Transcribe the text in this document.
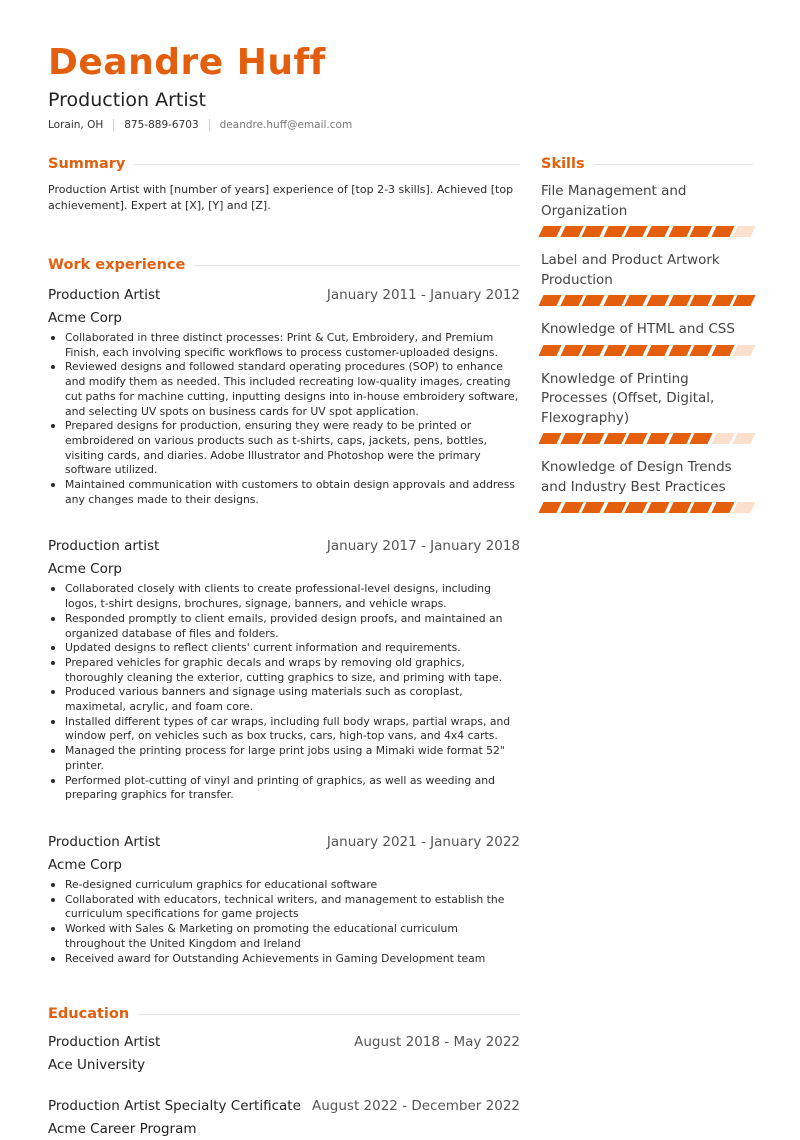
Deandre Huff
Production Artist
Lorain, OH 875-889-6703 deandre.huff@email.com
Summary
Production Artist with [number of years] experience of [top 2-3 skills]. Achieved [top achievement]. Expert at [X], [Y] and [Z].
Work experience
Production Artist	January 2011 - January 2012
Acme Corp
Collaborated in three distinct processes: Print & Cut, Embroidery, and Premium Finish, each involving specific workflows to process customer-uploaded designs.
Reviewed designs and followed standard operating procedures (SOP) to enhance and modify them as needed. This included recreating low-quality images, creating cut paths for machine cutting, inputting designs into in-house embroidery software, and selecting UV spots on business cards for UV spot application.
Prepared designs for production, ensuring they were ready to be printed or embroidered on various products such as t-shirts, caps, jackets, pens, bottles, visiting cards, and diaries. Adobe Illustrator and Photoshop were the primary software utilized.
Maintained communication with customers to obtain design approvals and address any changes made to their designs.
Production artist	January 2017 - January 2018
Acme Corp
Collaborated closely with clients to create professional-level designs, including logos, t-shirt designs, brochures, signage, banners, and vehicle wraps.
Responded promptly to client emails, provided design proofs, and maintained an organized database of files and folders.
Updated designs to reflect clients' current information and requirements.
Prepared vehicles for graphic decals and wraps by removing old graphics, thoroughly cleaning the exterior, cutting graphics to size, and priming with tape.
Produced various banners and signage using materials such as coroplast, maximetal, acrylic, and foam core.
Installed different types of car wraps, including full body wraps, partial wraps, and window perf, on vehicles such as box trucks, cars, high-top vans, and 4x4 carts.
Managed the printing process for large print jobs using a Mimaki wide format 52" printer.
Performed plot-cutting of vinyl and printing of graphics, as well as weeding and preparing graphics for transfer.
Production Artist	January 2021 - January 2022
Acme Corp
Re-designed curriculum graphics for educational software
Collaborated with educators, technical writers, and management to establish the curriculum specifications for game projects
Worked with Sales & Marketing on promoting the educational curriculum throughout the United Kingdom and Ireland
Received award for Outstanding Achievements in Gaming Development team
Education
Production Artist	August 2018 - May 2022
Ace University
Production Artist Specialty Certificate August 2022 - December 2022
Acme Career Program
Skills
File Management and Organization
Label and Product Artwork Production
Knowledge of HTML and CSS
Knowledge of Printing Processes (Offset, Digital, Flexography)
Knowledge of Design Trends and Industry Best Practices
